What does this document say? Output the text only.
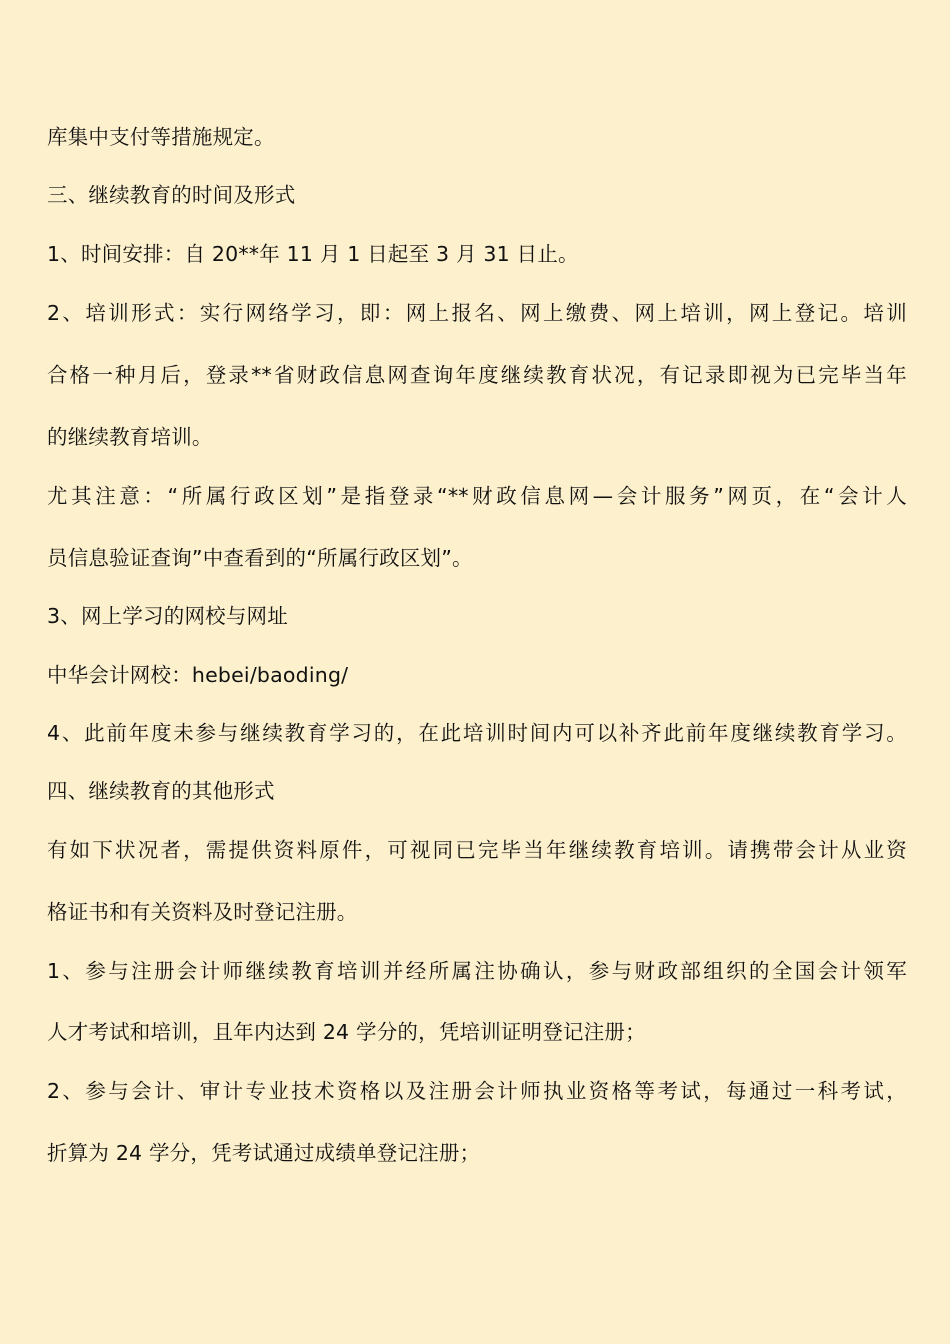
库集中支付等措施规定。
三、继续教育的时间及形式
1、时间安排：自 20**年 11 月 1 日起至 3 月 31 日止。
2、培训形式：实行网络学习，即：网上报名、网上缴费、网上培训，网上登记。培训
合格一种月后，登录**省财政信息网查询年度继续教育状况，有记录即视为已完毕当年
的继续教育培训。
尤其注意：“所属行政区划”是指登录“**财政信息网—会计服务”网页，在“会计人
员信息验证查询”中查看到的“所属行政区划”。
3、网上学习的网校与网址
中华会计网校：hebei/baoding/
4、此前年度未参与继续教育学习的，在此培训时间内可以补齐此前年度继续教育学习。
四、继续教育的其他形式
有如下状况者，需提供资料原件，可视同已完毕当年继续教育培训。请携带会计从业资
格证书和有关资料及时登记注册。
1、参与注册会计师继续教育培训并经所属注协确认，参与财政部组织的全国会计领军
人才考试和培训，且年内达到 24 学分的，凭培训证明登记注册；
2、参与会计、审计专业技术资格以及注册会计师执业资格等考试，每通过一科考试，
折算为 24 学分，凭考试通过成绩单登记注册；
